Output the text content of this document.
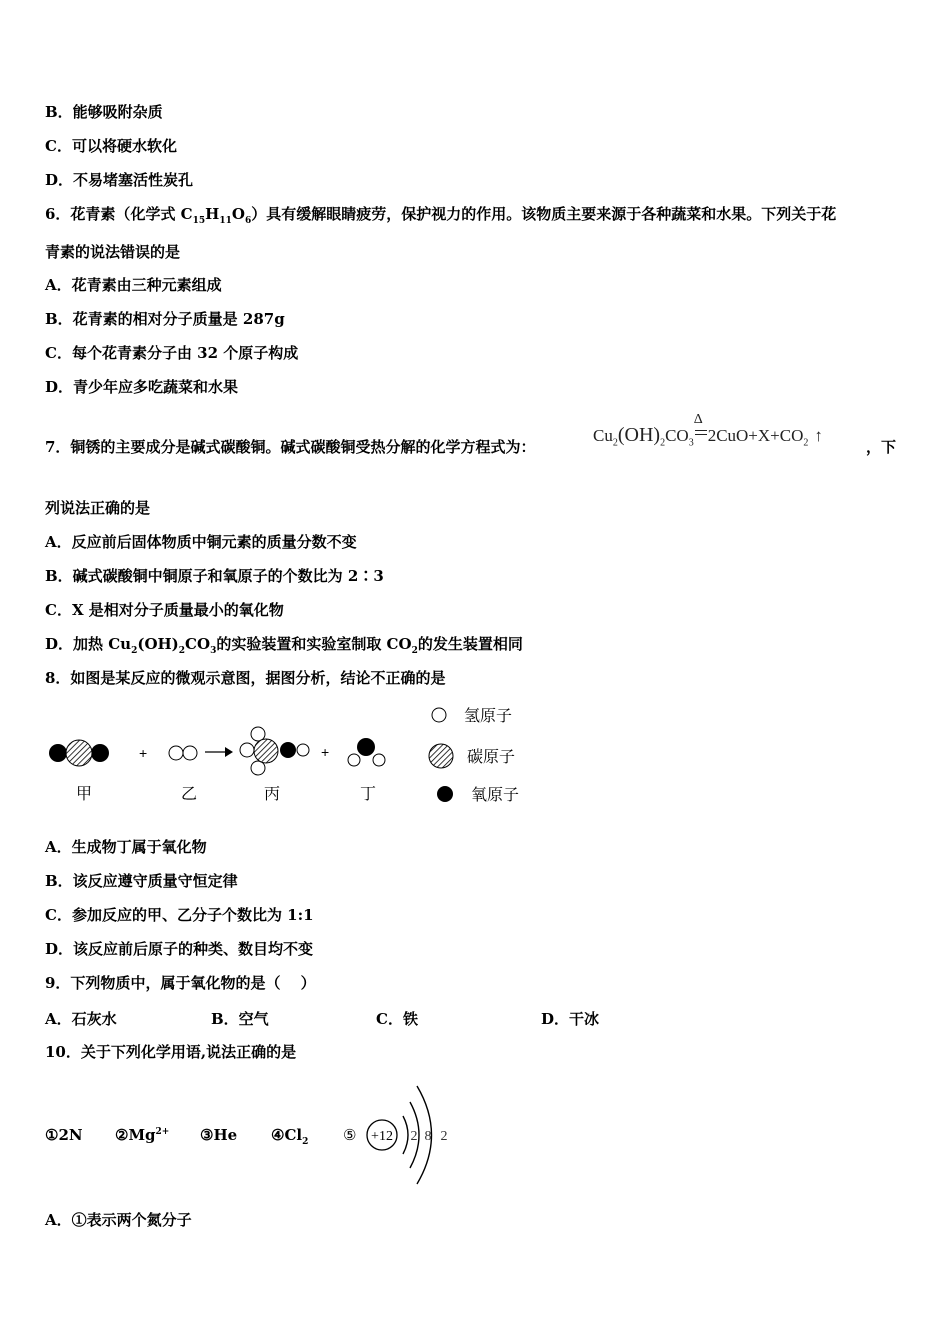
B．能够吸附杂质
C．可以将硬水软化
D．不易堵塞活性炭孔
6．花青素（化学式 $C_{15}H_{11}O_6$）具有缓解眼睛疲劳，保护视力的作用。该物质主要来源于各种蔬菜和水果。下列关于花
青素的说法错误的是
A．花青素由三种元素组成
B．花青素的相对分子质量是 287g
C．每个花青素分子由 32 个原子构成
D．青少年应多吃蔬菜和水果
7．铜锈的主要成分是碱式碳酸铜。碱式碳酸铜受热分解的化学方程式为：
$Cu_2(OH)_2CO_3$
Δ
$2CuO+X+CO_2$ ↑
，下
列说法正确的是
A．反应前后固体物质中铜元素的质量分数不变
B．碱式碳酸铜中铜原子和氧原子的个数比为 2∶3
C．X 是相对分子质量最小的氧化物
D．加热 $Cu_2(OH)_2CO_3$的实验装置和实验室制取 $CO_2$的发生装置相同
8．如图是某反应的微观示意图，据图分析，结论不正确的是
+	+
甲	乙	丙	丁
氢原子
碳原子
氧原子
A．生成物丁属于氧化物
B．该反应遵守质量守恒定律
C．参加反应的甲、乙分子个数比为 1:1
D．该反应前后原子的种类、数目均不变
9．下列物质中，属于氧化物的是（　 ）
A．石灰水	B．空气	C．铁	D．干冰
10．关于下列化学用语,说法正确的是
①2N $②Mg^{2+}$ ③He $④Cl_2$ ⑤ +12 2 8 2
A．①表示两个氮分子
